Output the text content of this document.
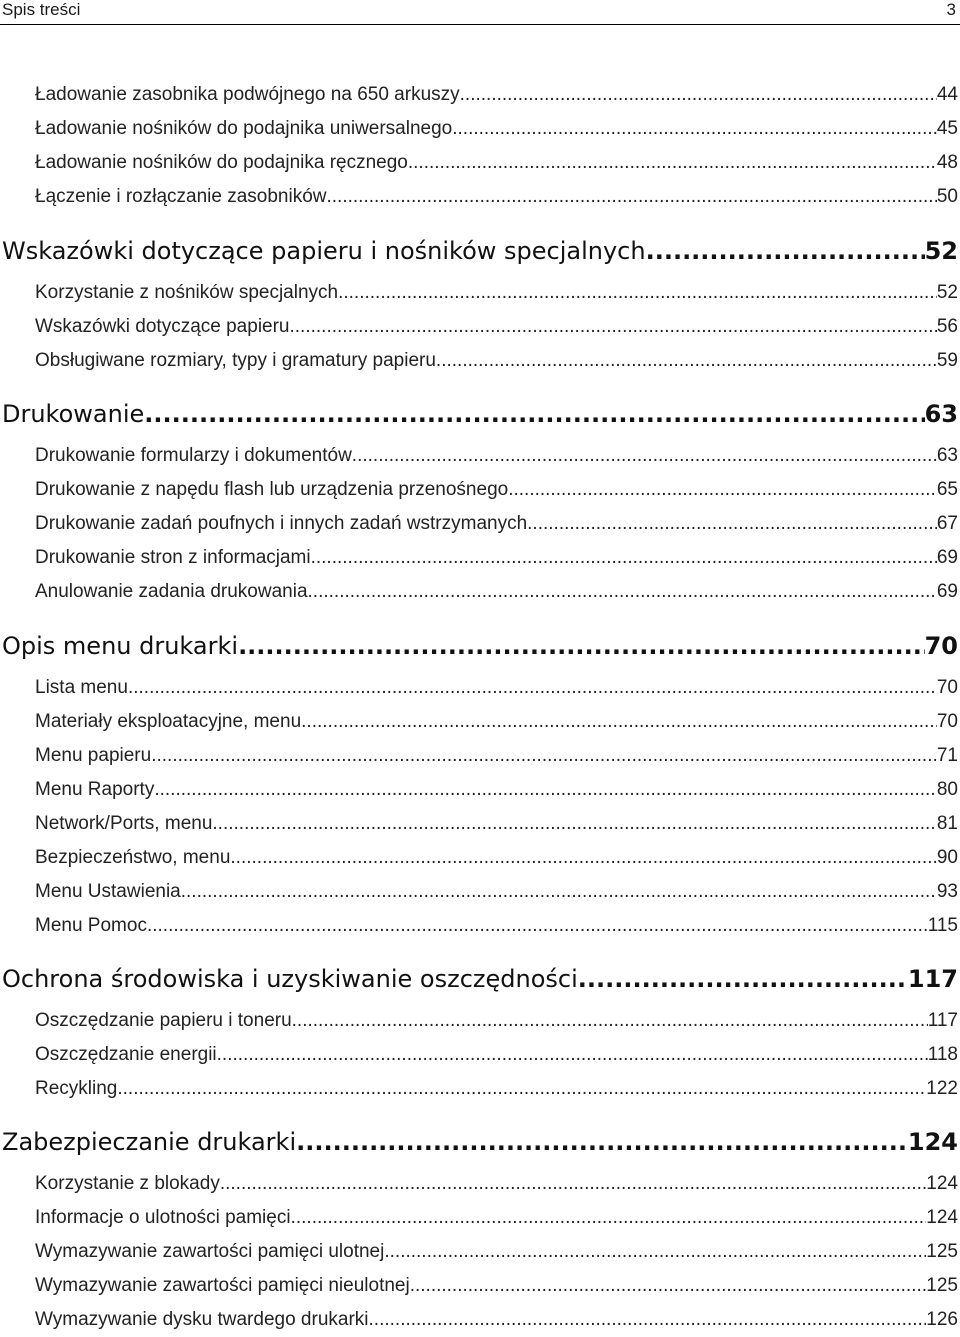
Spis treści	3
Ładowanie zasobnika podwójnego na 650 arkuszy .....	44
Ładowanie nośników do podajnika uniwersalnego .....	45
Ładowanie nośników do podajnika ręcznego .....	48
Łączenie i rozłączanie zasobników .....	50
Wskazówki dotyczące papieru i nośników specjalnych .....	52
Korzystanie z nośników specjalnych .....	52
Wskazówki dotyczące papieru .....	56
Obsługiwane rozmiary, typy i gramatury papieru .....	59
Drukowanie .....	63
Drukowanie formularzy i dokumentów .....	63
Drukowanie z napędu flash lub urządzenia przenośnego .....	65
Drukowanie zadań poufnych i innych zadań wstrzymanych .....	67
Drukowanie stron z informacjami .....	69
Anulowanie zadania drukowania .....	69
Opis menu drukarki .....	70
Lista menu .....	70
Materiały eksploatacyjne, menu .....	70
Menu papieru .....	71
Menu Raporty .....	80
Network/Ports, menu .....	81
Bezpieczeństwo, menu .....	90
Menu Ustawienia .....	93
Menu Pomoc .....	115
Ochrona środowiska i uzyskiwanie oszczędności .....	117
Oszczędzanie papieru i toneru .....	117
Oszczędzanie energii .....	118
Recykling .....	122
Zabezpieczanie drukarki .....	124
Korzystanie z blokady .....	124
Informacje o ulotności pamięci .....	124
Wymazywanie zawartości pamięci ulotnej .....	125
Wymazywanie zawartości pamięci nieulotnej .....	125
Wymazywanie dysku twardego drukarki .....	126
